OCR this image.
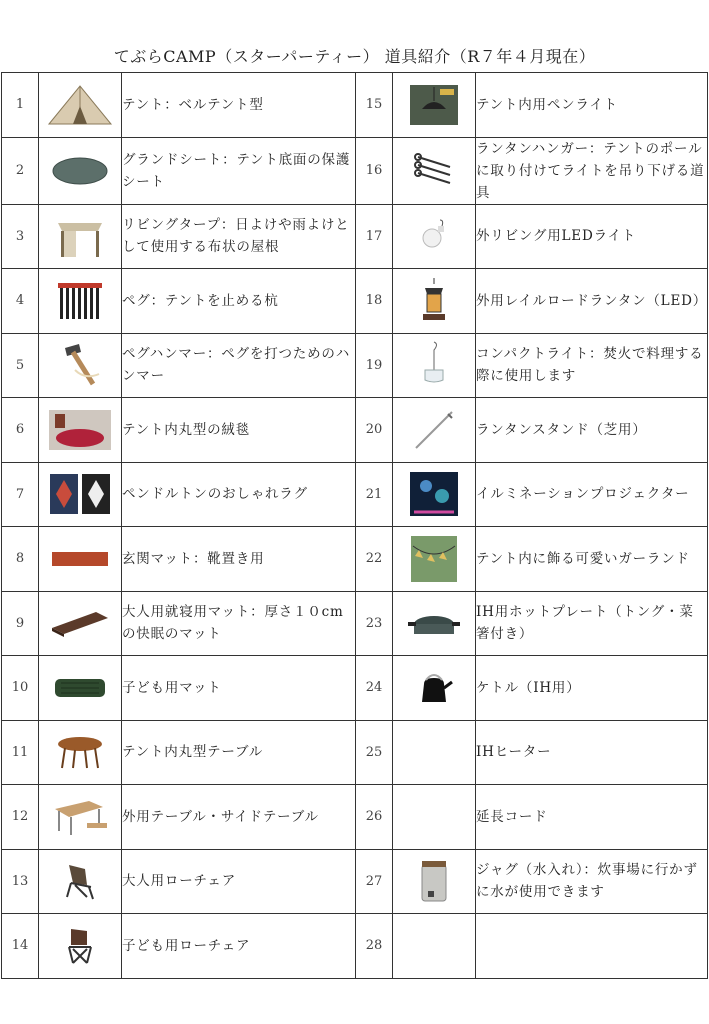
てぶらCAMP（スターパーティー） 道具紹介（R７年４月現在）
1		テント：ベルテント型	15		テント内用ペンライト
2		グランドシート：テント底面の保護シート	16		ランタンハンガー：テントのポールに取り付けてライトを吊り下げる道具
3		リビングタープ：日よけや雨よけとして使用する布状の屋根	17		外リビング用LEDライト
4		ペグ：テントを止める杭	18		外用レイルロードランタン（LED）
5		ペグハンマー：ペグを打つためのハンマー	19		コンパクトライト：焚火で料理する際に使用します
6		テント内丸型の絨毯	20		ランタンスタンド（芝用）
7		ペンドルトンのおしゃれラグ	21		イルミネーションプロジェクター
8		玄関マット：靴置き用	22		テント内に飾る可愛いガーランド
9		大人用就寝用マット：厚さ１０cmの快眠のマット	23		IH用ホットプレート（トング・菜箸付き）
10		子ども用マット	24		ケトル（IH用）
11		テント内丸型テーブル	25		IHヒーター
12		外用テーブル・サイドテーブル	26		延長コード
13		大人用ローチェア	27		ジャグ（水入れ）：炊事場に行かずに水が使用できます
14		子ども用ローチェア	28		
